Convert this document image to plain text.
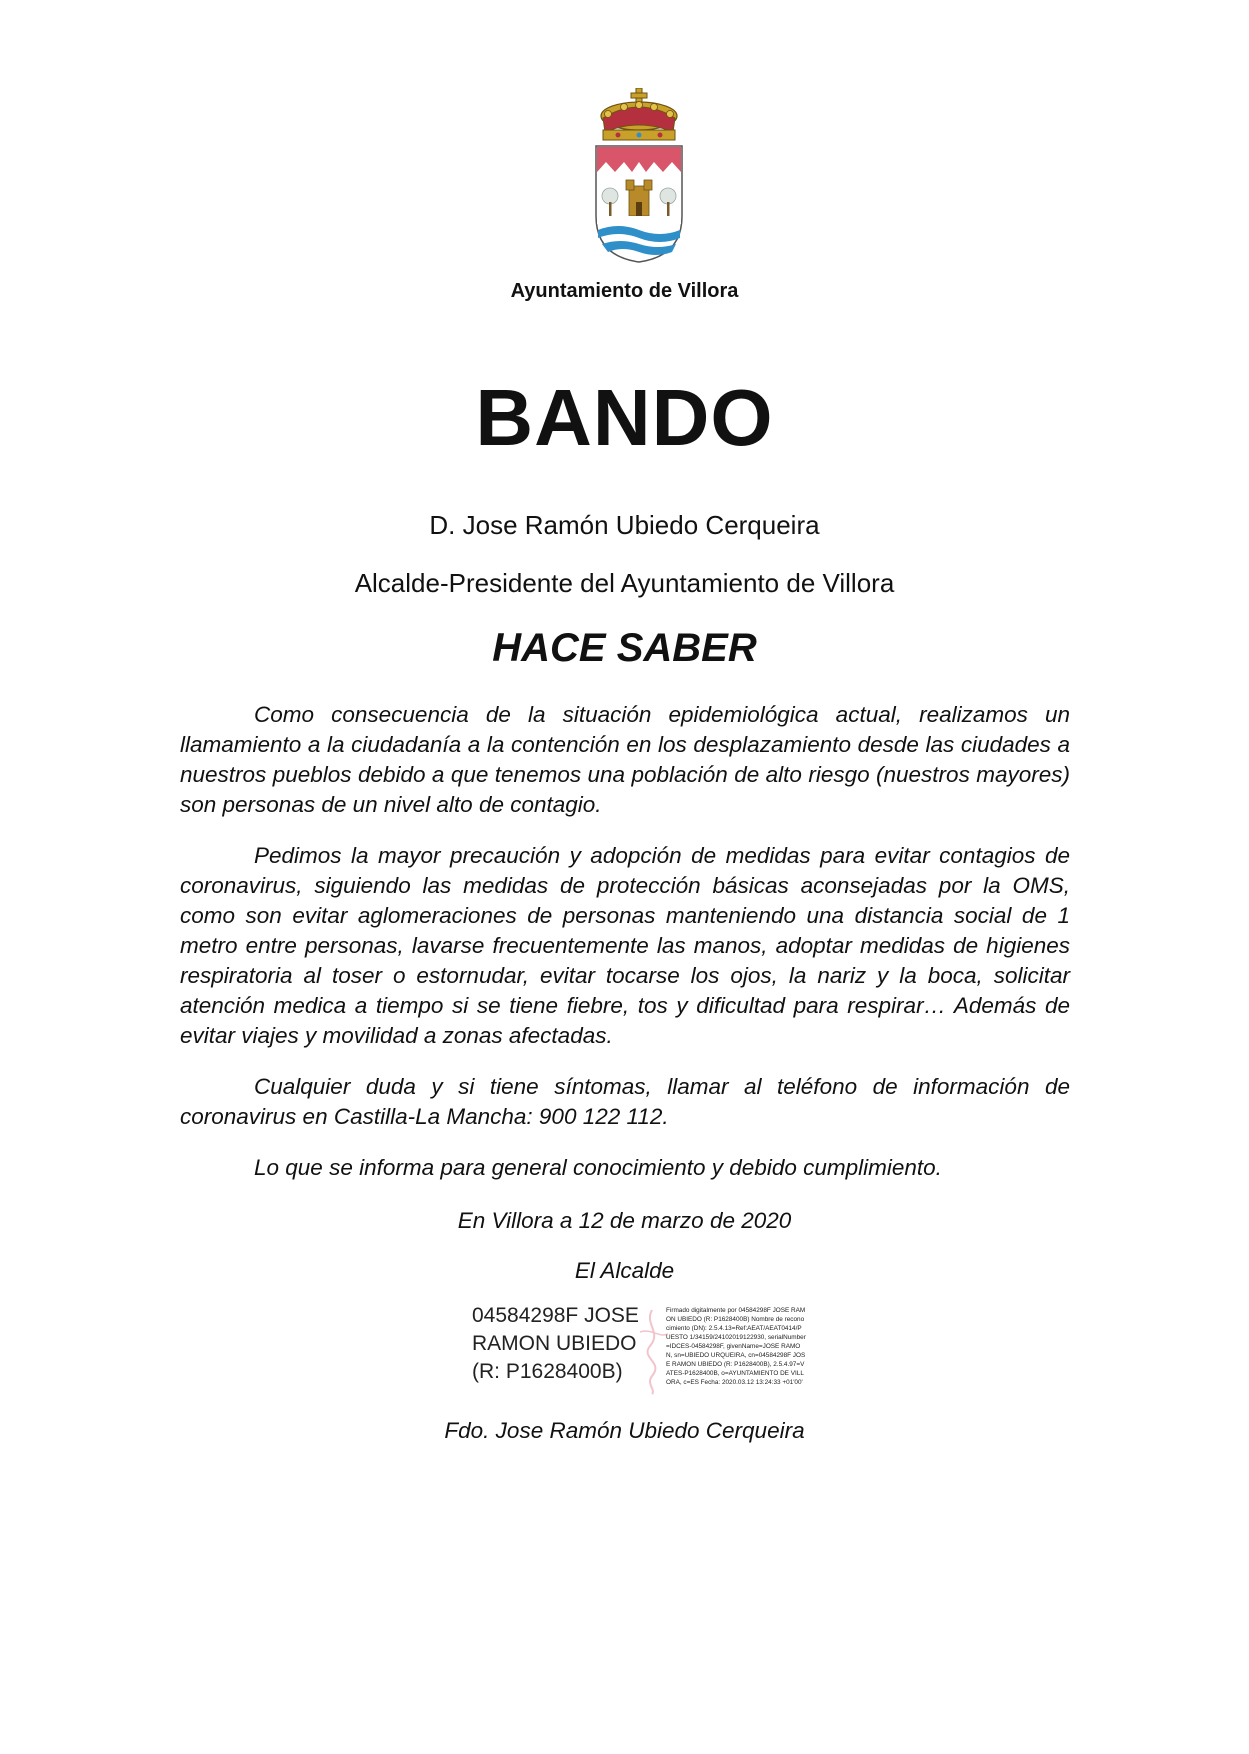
Ayuntamiento de Villora
BANDO
D. Jose Ramón Ubiedo Cerqueira
Alcalde-Presidente del Ayuntamiento de Villora
HACE SABER

Como consecuencia de la situación epidemiológica actual, realizamos un llamamiento a la ciudadanía a la contención en los desplazamiento desde las ciudades a nuestros pueblos debido a que tenemos una población de alto riesgo (nuestros mayores) son personas de un nivel alto de contagio.

Pedimos la mayor precaución y adopción de medidas para evitar contagios de coronavirus, siguiendo las medidas de protección básicas aconsejadas por la OMS, como son evitar aglomeraciones de personas manteniendo una distancia social de 1 metro entre personas, lavarse frecuentemente las manos, adoptar medidas de higienes respiratoria al toser o estornudar, evitar tocarse los ojos, la nariz y la boca, solicitar atención medica a tiempo si se tiene fiebre, tos y dificultad para respirar… Además de evitar viajes y movilidad a zonas afectadas.

Cualquier duda y si tiene síntomas, llamar al teléfono de información de coronavirus en Castilla-La Mancha: 900 122 112.

Lo que se informa para general conocimiento y debido cumplimiento.

En Villora a 12 de marzo de 2020
El Alcalde
04584298F JOSE
RAMON UBIEDO
(R: P1628400B)
Firmado digitalmente por 04584298F JOSE RAMON UBIEDO (R: P1628400B) Nombre de reconocimiento (DN): 2.5.4.13=Ref:AEAT/AEAT0414/PUESTO 1/34159/24102019122930, serialNumber=IDCES-04584298F, givenName=JOSE RAMON, sn=UBIEDO URQUEIRA, cn=04584298F JOSE RAMON UBIEDO (R: P1628400B), 2.5.4.97=VATES-P1628400B, o=AYUNTAMIENTO DE VILLORA, c=ES Fecha: 2020.03.12 13:24:33 +01'00'
Fdo. Jose Ramón Ubiedo Cerqueira
